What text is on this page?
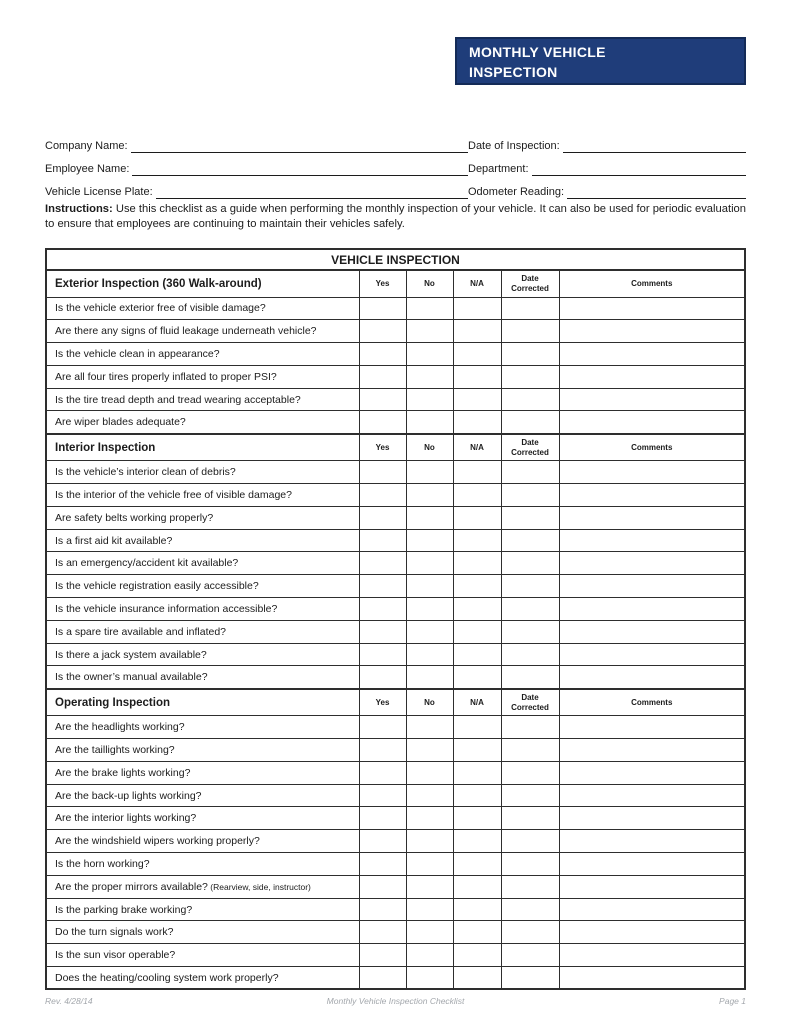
MONTHLY VEHICLE
INSPECTION
Company Name:	Date of Inspection:
Employee Name:	Department:
Vehicle License Plate:	Odometer Reading:
Instructions: Use this checklist as a guide when performing the monthly inspection of your vehicle. It can also be used for periodic evaluation to ensure that employees are continuing to maintain their vehicles safely.
VEHICLE INSPECTION					
Exterior Inspection (360 Walk-around)	Yes	No	N/A	Date Corrected	Comments
Is the vehicle exterior free of visible damage?					
Are there any signs of fluid leakage underneath vehicle?					
Is the vehicle clean in appearance?					
Are all four tires properly inflated to proper PSI?					
Is the tire tread depth and tread wearing acceptable?					
Are wiper blades adequate?					
Interior Inspection	Yes	No	N/A	Date Corrected	Comments
Is the vehicle’s interior clean of debris?					
Is the interior of the vehicle free of visible damage?					
Are safety belts working properly?					
Is a first aid kit available?					
Is an emergency/accident kit available?					
Is the vehicle registration easily accessible?					
Is the vehicle insurance information accessible?					
Is a spare tire available and inflated?					
Is there a jack system available?					
Is the owner’s manual available?					
Operating Inspection	Yes	No	N/A	Date Corrected	Comments
Are the headlights working?					
Are the taillights working?					
Are the brake lights working?					
Are the back-up lights working?					
Are the interior lights working?					
Are the windshield wipers working properly?					
Is the horn working?					
Are the proper mirrors available? (Rearview, side, instructor)					
Is the parking brake working?					
Do the turn signals work?					
Is the sun visor operable?					
Does the heating/cooling system work properly?					
Rev. 4/28/14	Monthly Vehicle Inspection Checklist	Page 1
